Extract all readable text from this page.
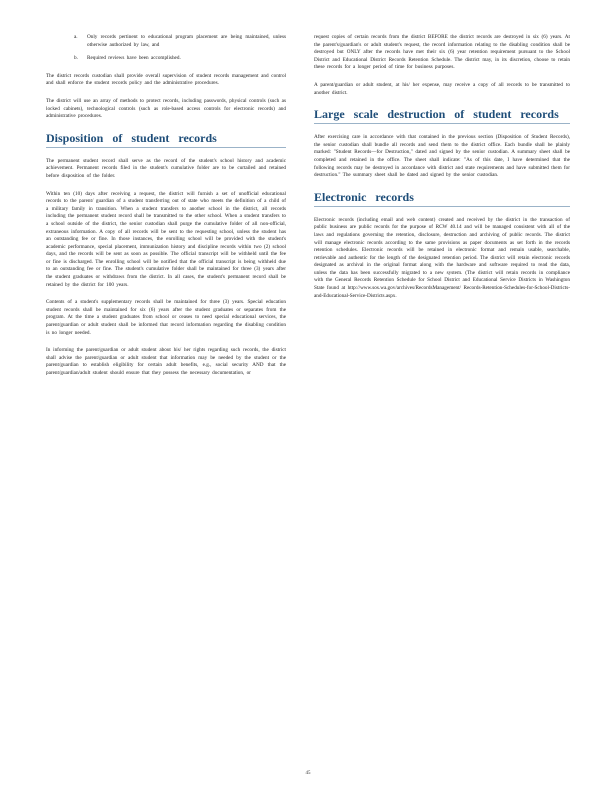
a. Only records pertinent to educational program placement are being maintained, unless otherwise authorized by law, and

b. Required reviews have been accomplished.

The district records custodian shall provide overall supervision of student records management and control and shall enforce the student records policy and the administrative procedures.

The district will use an array of methods to protect records, including passwords, physical controls (such as locked cabinets), technological controls (such as role-based access controls for electronic records) and administrative procedures.

Disposition of student records

The permanent student record shall serve as the record of the student's school history and academic achievement. Permanent records filed in the student's cumulative folder are to be curtailed and retained before disposition of the folder.

Within ten (10) days after receiving a request, the district will furnish a set of unofficial educational records to the parent/ guardian of a student transferring out of state who meets the definition of a child of a military family in transition. When a student transfers to another school in the district, all records including the permanent student record shall be transmitted to the other school. When a student transfers to a school outside of the district, the senior custodian shall purge the cumulative folder of all non-official, extraneous information. A copy of all records will be sent to the requesting school, unless the student has an outstanding fee or fine. In those instances, the enrolling school will be provided with the student's academic performance, special placement, immunization history and discipline records within two (2) school days, and the records will be sent as soon as possible. The official transcript will be withheld until the fee or fine is discharged. The enrolling school will be notified that the official transcript is being withheld due to an outstanding fee or fine. The student's cumulative folder shall be maintained for three (3) years after the student graduates or withdraws from the district. In all cases, the student's permanent record shall be retained by the district for 100 years.

Contents of a student's supplementary records shall be maintained for three (3) years. Special education student records shall be maintained for six (6) years after the student graduates or separates from the program. At the time a student graduates from school or ceases to need special educational services, the parent/guardian or adult student shall be informed that record information regarding the disabling condition is no longer needed.

In informing the parent/guardian or adult student about his/ her rights regarding such records, the district shall advise the parent/guardian or adult student that information may be needed by the student or the parent/guardian to establish eligibility for certain adult benefits, e.g., social security AND that the parent/guardian/adult student should ensure that they possess the necessary documentation, or

request copies of certain records from the district BEFORE the district records are destroyed in six (6) years. At the parent's/guardian's or adult student's request, the record information relating to the disabling condition shall be destroyed but ONLY after the records have met their six (6) year retention requirement pursuant to the School District and Educational District Records Retention Schedule. The district may, in its discretion, choose to retain these records for a longer period of time for business purposes.

A parent/guardian or adult student, at his/ her expense, may receive a copy of all records to be transmitted to another district.

Large scale destruction of student records

After exercising care in accordance with that contained in the previous section (Disposition of Student Records), the senior custodian shall bundle all records and send them to the district office. Each bundle shall be plainly marked: "Student Records—for Destruction," dated and signed by the senior custodian. A summary sheet shall be completed and retained in the office. The sheet shall indicate: "As of this date, I have determined that the following records may be destroyed in accordance with district and state requirements and have submitted them for destruction." The summary sheet shall be dated and signed by the senior custodian.

Electronic records

Electronic records (including email and web content) created and received by the district in the transaction of public business are public records for the purpose of RCW 40.14 and will be managed consistent with all of the laws and regulations governing the retention, disclosure, destruction and archiving of public records. The district will manage electronic records according to the same provisions as paper documents as set forth in the records retention schedules. Electronic records will be retained in electronic format and remain usable, searchable, retrievable and authentic for the length of the designated retention period. The district will retain electronic records designated as archival in the original format along with the hardware and software required to read the data, unless the data has been successfully migrated to a new system. (The district will retain records in compliance with the General Records Retention Schedule for School District and Educational Service Districts in Washington State found at http://www.sos.wa.gov/archives/RecordsManagement/ Records-Retention-Schedules-for-School-Districts-and-Educational-Service-Districts.aspx.

45
